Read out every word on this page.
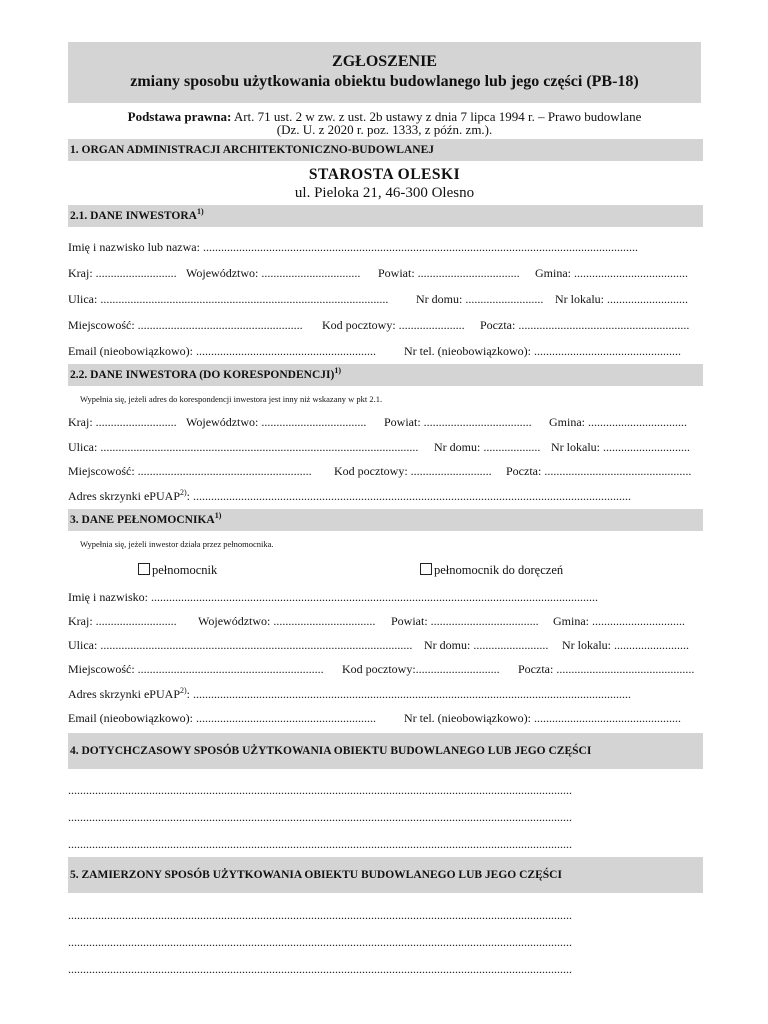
ZGŁOSZENIE
zmiany sposobu użytkowania obiektu budowlanego lub jego części (PB-18)
Podstawa prawna: Art. 71 ust. 2 w zw. z ust. 2b ustawy z dnia 7 lipca 1994 r. – Prawo budowlane
(Dz. U. z 2020 r. poz. 1333, z późn. zm.).
1. ORGAN ADMINISTRACJI ARCHITEKTONICZNO-BUDOWLANEJ
STAROSTA OLESKI
ul. Pieloka 21, 46-300 Olesno
2.1. DANE INWESTORA$^{1)}$
Imię i nazwisko lub nazwa: .................................................................................................................................................
Kraj: ........................... Województwo: .................................	Powiat: ..................................	Gmina: ......................................
Ulica: ................................................................................................	Nr domu: .......................... Nr lokalu: ...........................
Miejscowość: .......................................................	Kod pocztowy: ......................	Poczta: .........................................................
Email (nieobowiązkowo): ............................................................	Nr tel. (nieobowiązkowo): .................................................
2.2. DANE INWESTORA (DO KORESPONDENCJI)$^{1)}$
Wypełnia się, jeżeli adres do korespondencji inwestora jest inny niż wskazany w pkt 2.1.
Kraj: ........................... Województwo: ...................................	Powiat: ....................................	Gmina: .................................
Ulica: ..........................................................................................................	Nr domu: ................... Nr lokalu: .............................
Miejscowość: ..........................................................	Kod pocztowy: ...........................	Poczta: .................................................
Adres skrzynki ePUAP$^{2)}$: ..................................................................................................................................................
3. DANE PEŁNOMOCNIKA$^{1)}$
Wypełnia się, jeżeli inwestor działa przez pełnomocnika.
pełnomocnik	pełnomocnik do doręczeń
Imię i nazwisko: .....................................................................................................................................................
Kraj: ...........................	Województwo: ..................................	Powiat: ....................................	Gmina: ...............................
Ulica: ........................................................................................................ Nr domu: .........................	Nr lokalu: .........................
Miejscowość: ..............................................................	Kod pocztowy:............................	Poczta: ..............................................
Adres skrzynki ePUAP$^{2)}$: ..................................................................................................................................................
Email (nieobowiązkowo): ............................................................	Nr tel. (nieobowiązkowo): .................................................
4. DOTYCHCZASOWY SPOSÓB UŻYTKOWANIA OBIEKTU BUDOWLANEGO LUB JEGO CZĘŚCI
........................................................................................................................................................................
........................................................................................................................................................................
........................................................................................................................................................................
5. ZAMIERZONY SPOSÓB UŻYTKOWANIA OBIEKTU BUDOWLANEGO LUB JEGO CZĘŚCI
........................................................................................................................................................................
........................................................................................................................................................................
........................................................................................................................................................................
